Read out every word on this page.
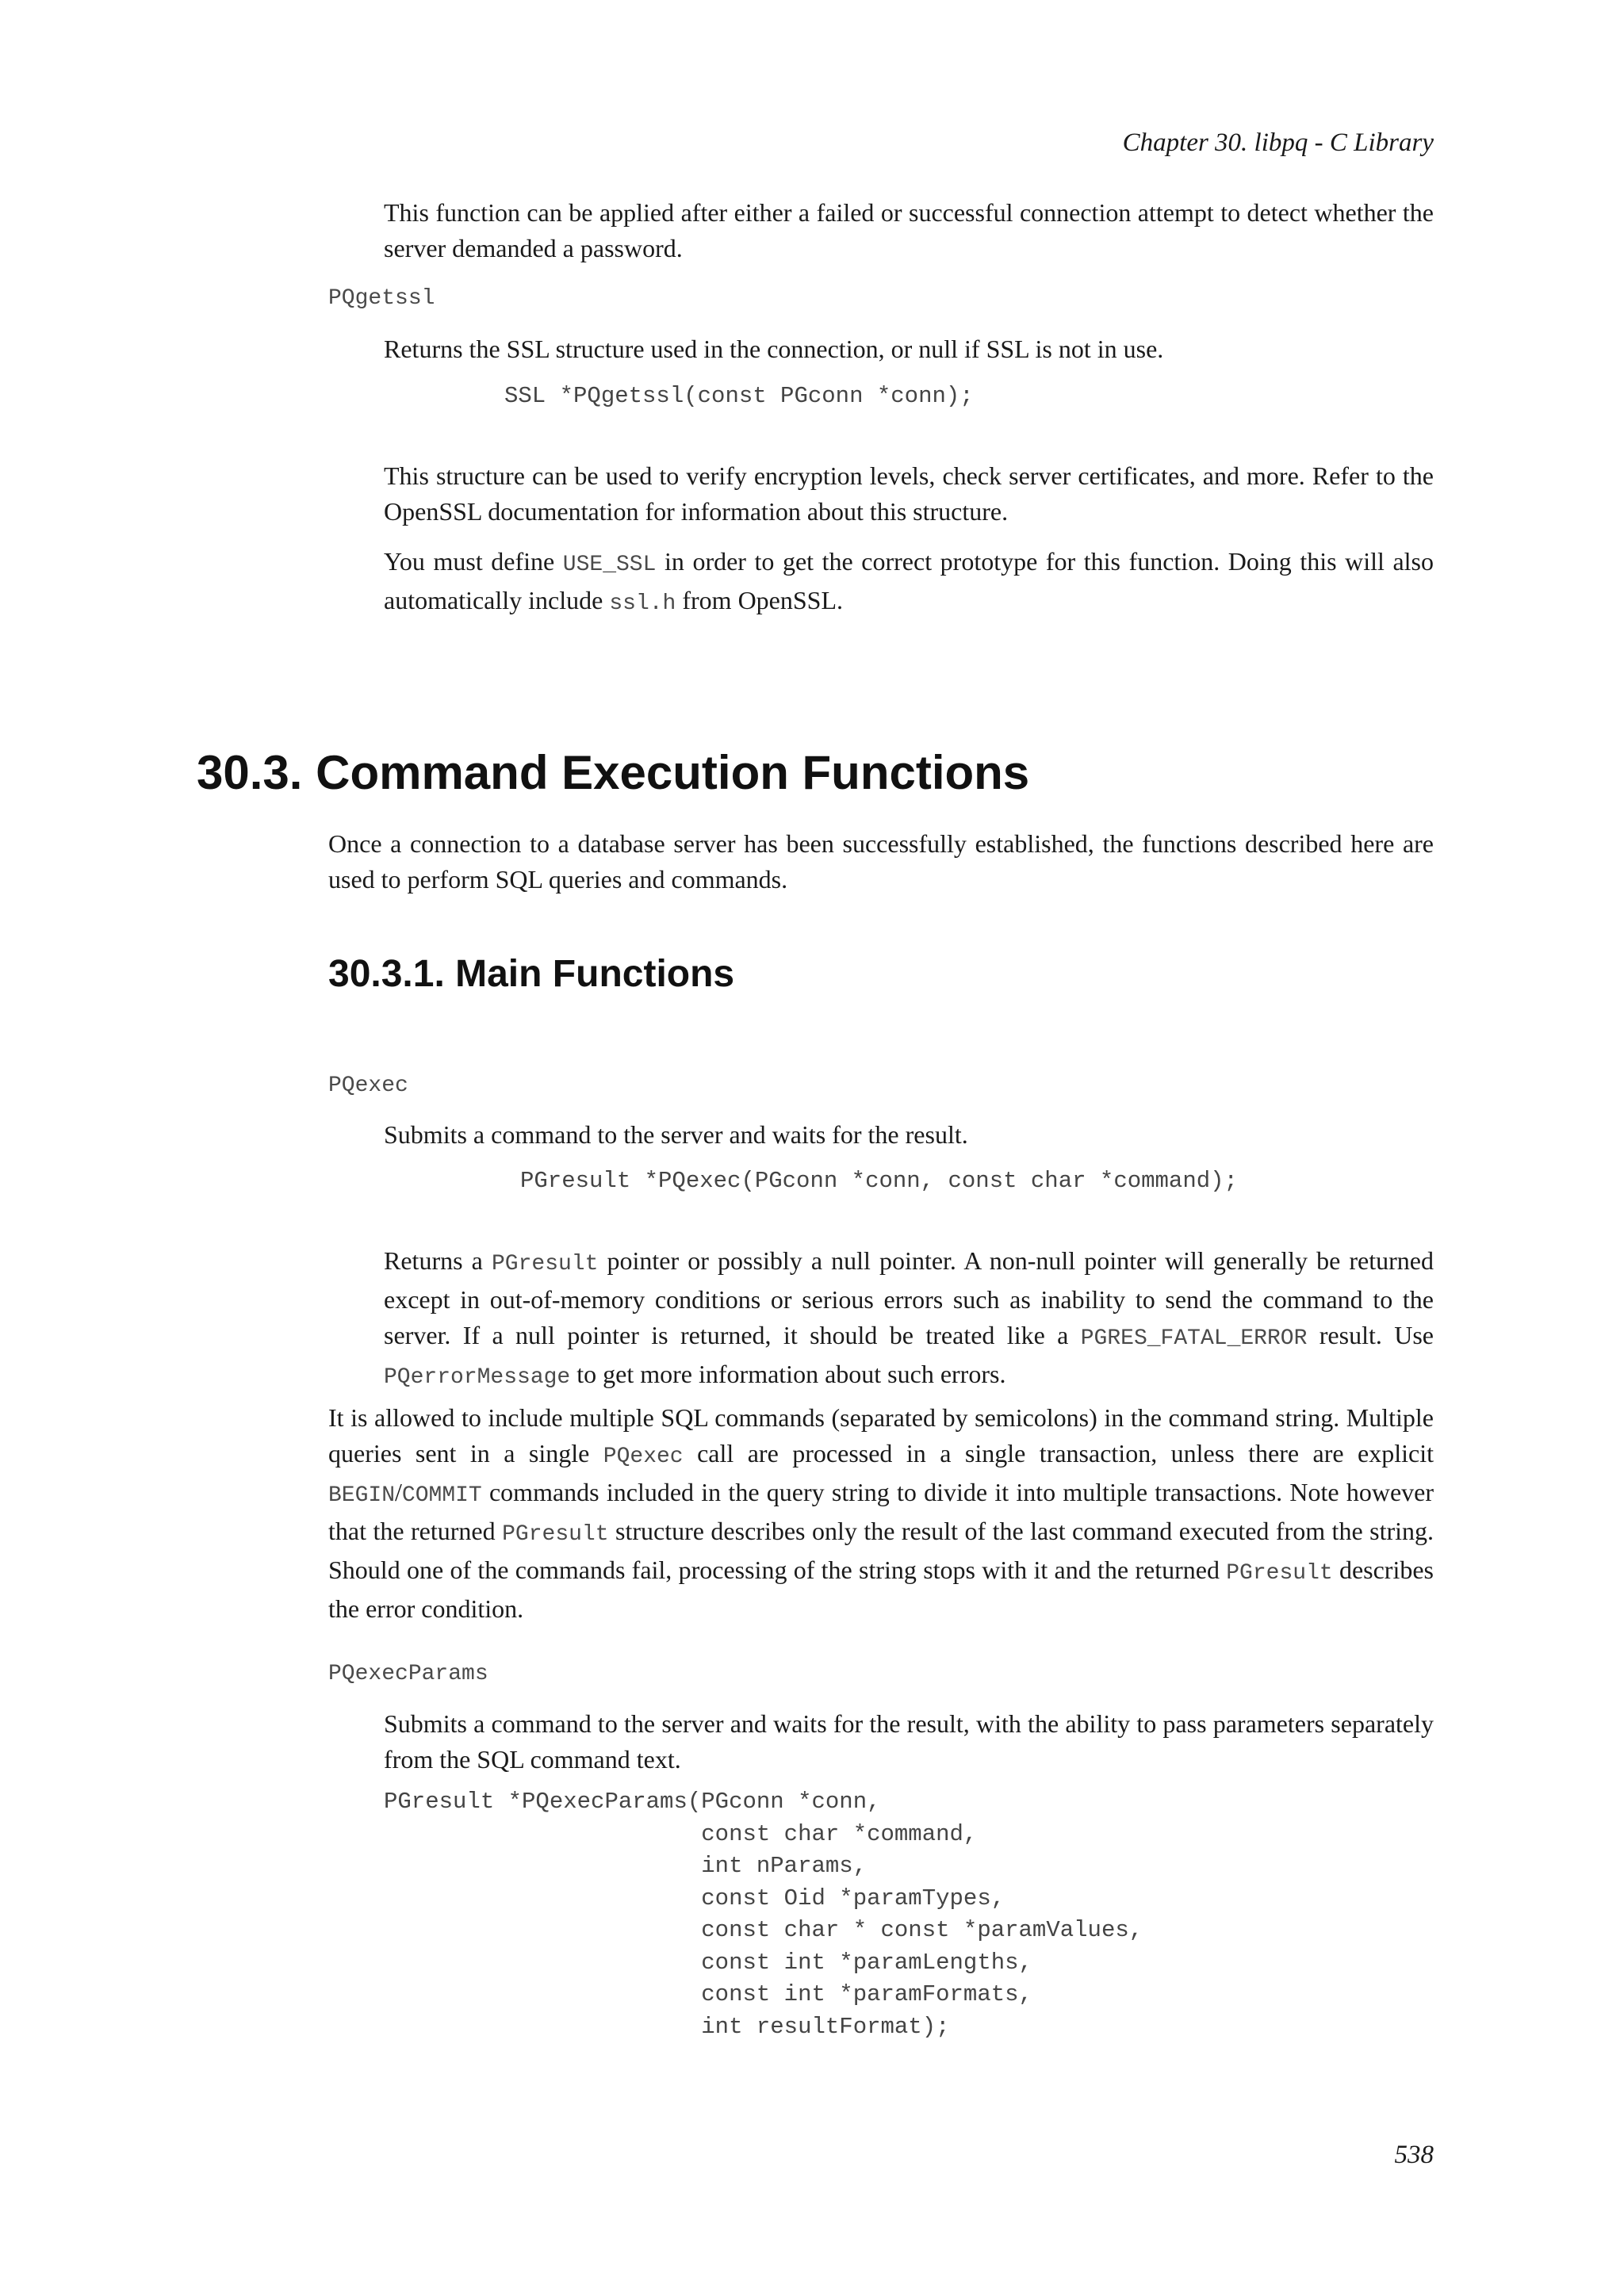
Chapter 30. libpq - C Library

This function can be applied after either a failed or successful connection attempt to detect whether the server demanded a password.

PQgetssl

Returns the SSL structure used in the connection, or null if SSL is not in use.

SSL *PQgetssl(const PGconn *conn);

This structure can be used to verify encryption levels, check server certificates, and more. Refer to the OpenSSL documentation for information about this structure.

You must define USE_SSL in order to get the correct prototype for this function. Doing this will also automatically include ssl.h from OpenSSL.

30.3. Command Execution Functions

Once a connection to a database server has been successfully established, the functions described here are used to perform SQL queries and commands.

30.3.1. Main Functions
PQexec

Submits a command to the server and waits for the result.

PGresult *PQexec(PGconn *conn, const char *command);

Returns a PGresult pointer or possibly a null pointer. A non-null pointer will generally be returned except in out-of-memory conditions or serious errors such as inability to send the command to the server. If a null pointer is returned, it should be treated like a PGRES_FATAL_ERROR result. Use PQerrorMessage to get more information about such errors.

It is allowed to include multiple SQL commands (separated by semicolons) in the command string. Multiple queries sent in a single PQexec call are processed in a single transaction, unless there are explicit BEGIN/COMMIT commands included in the query string to divide it into multiple transactions. Note however that the returned PGresult structure describes only the result of the last command executed from the string. Should one of the commands fail, processing of the string stops with it and the returned PGresult describes the error condition.

PQexecParams

Submits a command to the server and waits for the result, with the ability to pass parameters separately from the SQL command text.

PGresult *PQexecParams(PGconn *conn,
const char *command,
int nParams,
const Oid *paramTypes,
const char * const *paramValues,
const int *paramLengths,
const int *paramFormats,
int resultFormat);
538
